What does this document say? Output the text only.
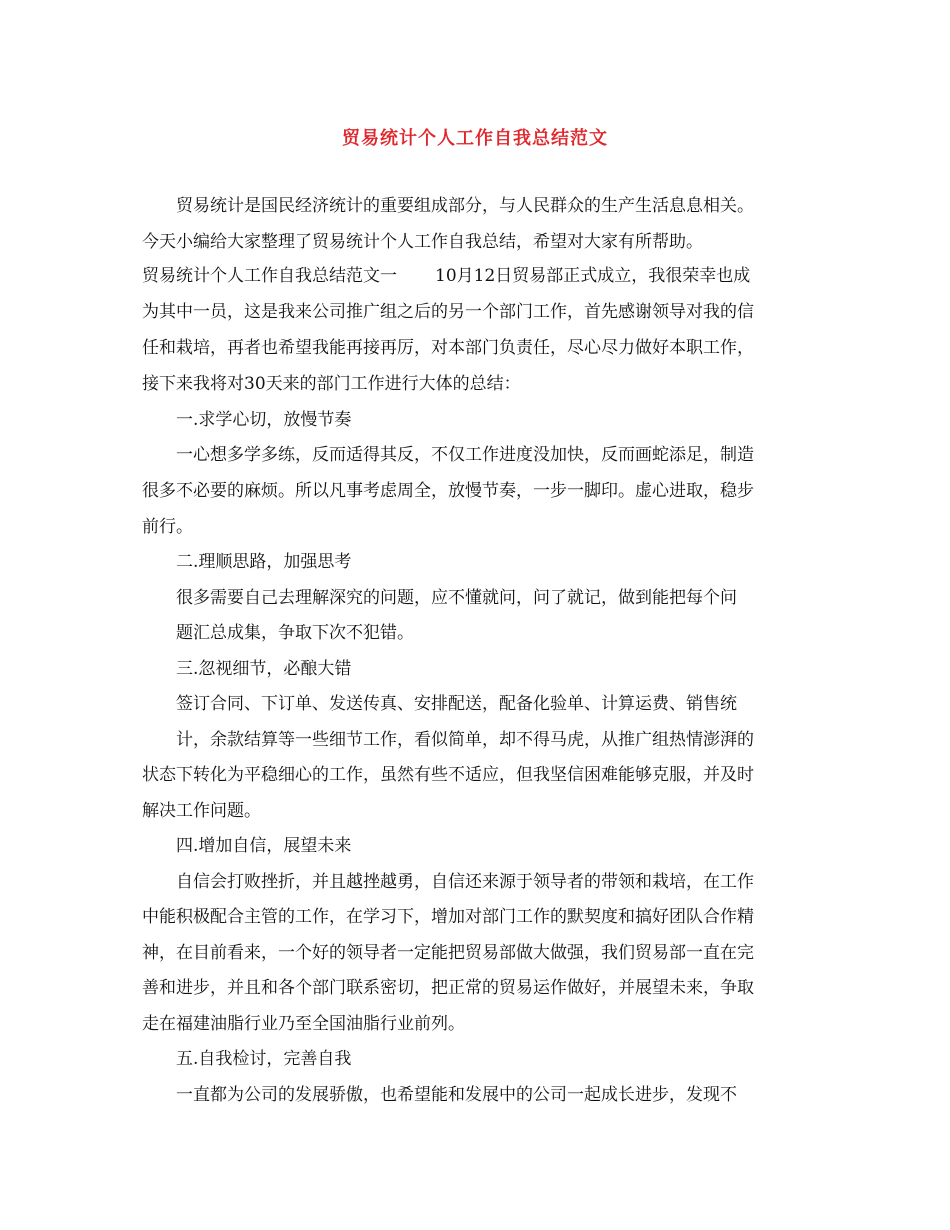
贸易统计个人工作自我总结范文
贸易统计是国民经济统计的重要组成部分，与人民群众的生产生活息息相关。
今天小编给大家整理了贸易统计个人工作自我总结，希望对大家有所帮助。
贸易统计个人工作自我总结范文一 10月12日贸易部正式成立，我很荣幸也成
为其中一员，这是我来公司推广组之后的另一个部门工作，首先感谢领导对我的信
任和栽培，再者也希望我能再接再厉，对本部门负责任，尽心尽力做好本职工作，
接下来我将对30天来的部门工作进行大体的总结：
一.求学心切，放慢节奏
一心想多学多练，反而适得其反，不仅工作进度没加快，反而画蛇添足，制造
很多不必要的麻烦。所以凡事考虑周全，放慢节奏，一步一脚印。虚心进取，稳步
前行。
二.理顺思路，加强思考
很多需要自己去理解深究的问题，应不懂就问，问了就记，做到能把每个问
题汇总成集，争取下次不犯错。
三.忽视细节，必酿大错
签订合同、下订单、发送传真、安排配送，配备化验单、计算运费、销售统
计，余款结算等一些细节工作，看似简单，却不得马虎，从推广组热情澎湃的
状态下转化为平稳细心的工作，虽然有些不适应，但我坚信困难能够克服，并及时
解决工作问题。
四.增加自信，展望未来
自信会打败挫折，并且越挫越勇，自信还来源于领导者的带领和栽培，在工作
中能积极配合主管的工作，在学习下，增加对部门工作的默契度和搞好团队合作精
神，在目前看来，一个好的领导者一定能把贸易部做大做强，我们贸易部一直在完
善和进步，并且和各个部门联系密切，把正常的贸易运作做好，并展望未来，争取
走在福建油脂行业乃至全国油脂行业前列。
五.自我检讨，完善自我
一直都为公司的发展骄傲，也希望能和发展中的公司一起成长进步，发现不
